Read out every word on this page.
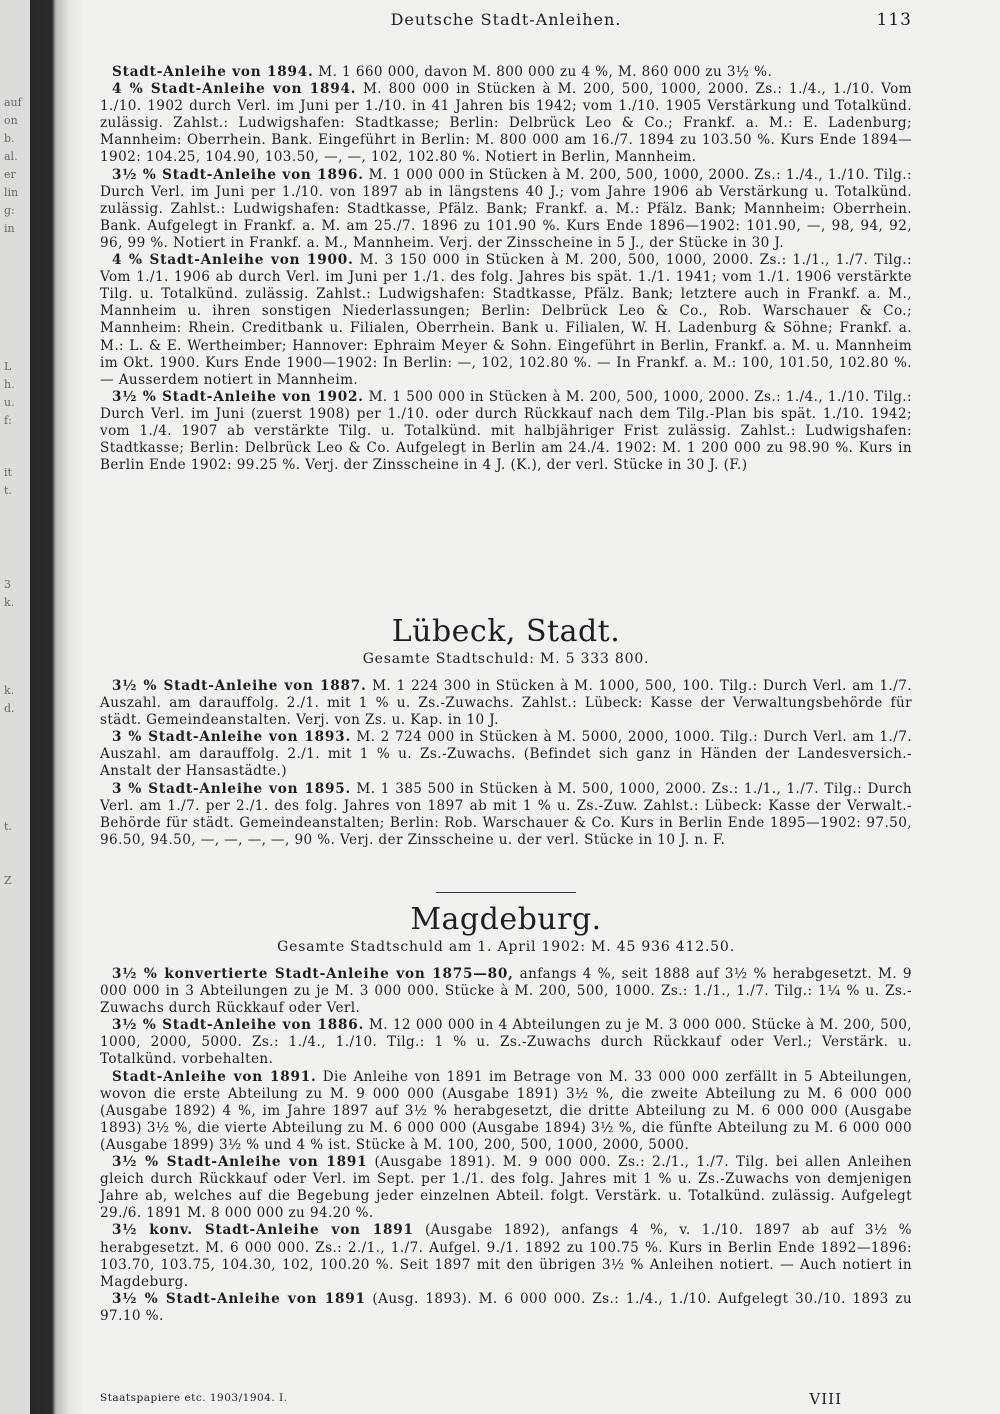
auf
on
b.
al.
er
lin
g:
in
L
h.
u.
f:
it
t.
3
k.
k.
d.
t.
Z
Deutsche Stadt-Anleihen.	113

Stadt-Anleihe von 1894. M. 1 660 000, davon M. 800 000 zu 4 %, M. 860 000 zu 3½ %.

4 % Stadt-Anleihe von 1894. M. 800 000 in Stücken à M. 200, 500, 1000, 2000. Zs.: 1./4., 1./10. Vom 1./10. 1902 durch Verl. im Juni per 1./10. in 41 Jahren bis 1942; vom 1./10. 1905 Verstärkung und Totalkünd. zulässig. Zahlst.: Ludwigshafen: Stadtkasse; Berlin: Delbrück Leo & Co.; Frankf. a. M.: E. Ladenburg; Mannheim: Oberrhein. Bank. Eingeführt in Berlin: M. 800 000 am 16./7. 1894 zu 103.50 %. Kurs Ende 1894—1902: 104.25, 104.90, 103.50, —, —, 102, 102.80 %. Notiert in Berlin, Mannheim.

3½ % Stadt-Anleihe von 1896. M. 1 000 000 in Stücken à M. 200, 500, 1000, 2000. Zs.: 1./4., 1./10. Tilg.: Durch Verl. im Juni per 1./10. von 1897 ab in längstens 40 J.; vom Jahre 1906 ab Verstärkung u. Totalkünd. zulässig. Zahlst.: Ludwigshafen: Stadtkasse, Pfälz. Bank; Frankf. a. M.: Pfälz. Bank; Mannheim: Oberrhein. Bank. Aufgelegt in Frankf. a. M. am 25./7. 1896 zu 101.90 %. Kurs Ende 1896—1902: 101.90, —, 98, 94, 92, 96, 99 %. Notiert in Frankf. a. M., Mannheim. Verj. der Zinsscheine in 5 J., der Stücke in 30 J.

4 % Stadt-Anleihe von 1900. M. 3 150 000 in Stücken à M. 200, 500, 1000, 2000. Zs.: 1./1., 1./7. Tilg.: Vom 1./1. 1906 ab durch Verl. im Juni per 1./1. des folg. Jahres bis spät. 1./1. 1941; vom 1./1. 1906 verstärkte Tilg. u. Totalkünd. zulässig. Zahlst.: Ludwigshafen: Stadtkasse, Pfälz. Bank; letztere auch in Frankf. a. M., Mannheim u. ihren sonstigen Niederlassungen; Berlin: Delbrück Leo & Co., Rob. Warschauer & Co.; Mannheim: Rhein. Creditbank u. Filialen, Oberrhein. Bank u. Filialen, W. H. Ladenburg & Söhne; Frankf. a. M.: L. & E. Wertheimber; Hannover: Ephraim Meyer & Sohn. Eingeführt in Berlin, Frankf. a. M. u. Mannheim im Okt. 1900. Kurs Ende 1900—1902: In Berlin: —, 102, 102.80 %. — In Frankf. a. M.: 100, 101.50, 102.80 %. — Ausserdem notiert in Mannheim.

3½ % Stadt-Anleihe von 1902. M. 1 500 000 in Stücken à M. 200, 500, 1000, 2000. Zs.: 1./4., 1./10. Tilg.: Durch Verl. im Juni (zuerst 1908) per 1./10. oder durch Rückkauf nach dem Tilg.-Plan bis spät. 1./10. 1942; vom 1./4. 1907 ab verstärkte Tilg. u. Totalkünd. mit halbjähriger Frist zulässig. Zahlst.: Ludwigshafen: Stadtkasse; Berlin: Delbrück Leo & Co. Aufgelegt in Berlin am 24./4. 1902: M. 1 200 000 zu 98.90 %. Kurs in Berlin Ende 1902: 99.25 %. Verj. der Zinsscheine in 4 J. (K.), der verl. Stücke in 30 J. (F.)

Lübeck, Stadt.
Gesamte Stadtschuld: M. 5 333 800.

3½ % Stadt-Anleihe von 1887. M. 1 224 300 in Stücken à M. 1000, 500, 100. Tilg.: Durch Verl. am 1./7. Auszahl. am darauffolg. 2./1. mit 1 % u. Zs.-Zuwachs. Zahlst.: Lübeck: Kasse der Verwaltungsbehörde für städt. Gemeindeanstalten. Verj. von Zs. u. Kap. in 10 J.

3 % Stadt-Anleihe von 1893. M. 2 724 000 in Stücken à M. 5000, 2000, 1000. Tilg.: Durch Verl. am 1./7. Auszahl. am darauffolg. 2./1. mit 1 % u. Zs.-Zuwachs. (Befindet sich ganz in Händen der Landesversich.-Anstalt der Hansastädte.)

3 % Stadt-Anleihe von 1895. M. 1 385 500 in Stücken à M. 500, 1000, 2000. Zs.: 1./1., 1./7. Tilg.: Durch Verl. am 1./7. per 2./1. des folg. Jahres von 1897 ab mit 1 % u. Zs.-Zuw. Zahlst.: Lübeck: Kasse der Verwalt.-Behörde für städt. Gemeindeanstalten; Berlin: Rob. Warschauer & Co. Kurs in Berlin Ende 1895—1902: 97.50, 96.50, 94.50, —, —, —, —, 90 %. Verj. der Zinsscheine u. der verl. Stücke in 10 J. n. F.

Magdeburg.
Gesamte Stadtschuld am 1. April 1902: M. 45 936 412.50.

3½ % konvertierte Stadt-Anleihe von 1875—80, anfangs 4 %, seit 1888 auf 3½ % herabgesetzt. M. 9 000 000 in 3 Abteilungen zu je M. 3 000 000. Stücke à M. 200, 500, 1000. Zs.: 1./1., 1./7. Tilg.: 1¼ % u. Zs.-Zuwachs durch Rückkauf oder Verl.

3½ % Stadt-Anleihe von 1886. M. 12 000 000 in 4 Abteilungen zu je M. 3 000 000. Stücke à M. 200, 500, 1000, 2000, 5000. Zs.: 1./4., 1./10. Tilg.: 1 % u. Zs.-Zuwachs durch Rückkauf oder Verl.; Verstärk. u. Totalkünd. vorbehalten.

Stadt-Anleihe von 1891. Die Anleihe von 1891 im Betrage von M. 33 000 000 zerfällt in 5 Abteilungen, wovon die erste Abteilung zu M. 9 000 000 (Ausgabe 1891) 3½ %, die zweite Abteilung zu M. 6 000 000 (Ausgabe 1892) 4 %, im Jahre 1897 auf 3½ % herabgesetzt, die dritte Abteilung zu M. 6 000 000 (Ausgabe 1893) 3½ %, die vierte Abteilung zu M. 6 000 000 (Ausgabe 1894) 3½ %, die fünfte Abteilung zu M. 6 000 000 (Ausgabe 1899) 3½ % und 4 % ist. Stücke à M. 100, 200, 500, 1000, 2000, 5000.

3½ % Stadt-Anleihe von 1891 (Ausgabe 1891). M. 9 000 000. Zs.: 2./1., 1./7. Tilg. bei allen Anleihen gleich durch Rückkauf oder Verl. im Sept. per 1./1. des folg. Jahres mit 1 % u. Zs.-Zuwachs von demjenigen Jahre ab, welches auf die Begebung jeder einzelnen Abteil. folgt. Verstärk. u. Totalkünd. zulässig. Aufgelegt 29./6. 1891 M. 8 000 000 zu 94.20 %.

3½ konv. Stadt-Anleihe von 1891 (Ausgabe 1892), anfangs 4 %, v. 1./10. 1897 ab auf 3½ % herabgesetzt. M. 6 000 000. Zs.: 2./1., 1./7. Aufgel. 9./1. 1892 zu 100.75 %. Kurs in Berlin Ende 1892—1896: 103.70, 103.75, 104.30, 102, 100.20 %. Seit 1897 mit den übrigen 3½ % Anleihen notiert. — Auch notiert in Magdeburg.

3½ % Stadt-Anleihe von 1891 (Ausg. 1893). M. 6 000 000. Zs.: 1./4., 1./10. Aufgelegt 30./10. 1893 zu 97.10 %.

Staatspapiere etc. 1903/1904. I.	VIII
